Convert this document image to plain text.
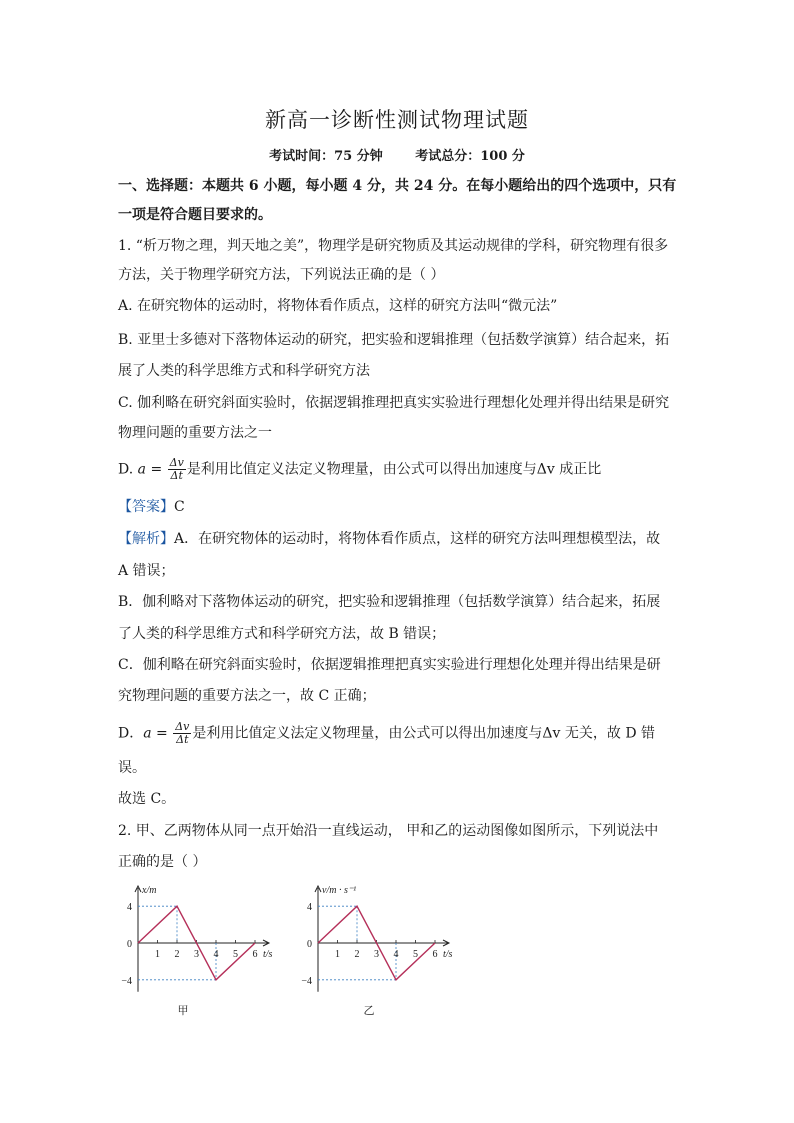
新高一诊断性测试物理试题
考试时间：75 分钟	考试总分：100 分
一、选择题：本题共 6 小题，每小题 4 分，共 24 分。在每小题给出的四个选项中，只有
一项是符合题目要求的。
1. “析万物之理，判天地之美”，物理学是研究物质及其运动规律的学科，研究物理有很多
方法，关于物理学研究方法，下列说法正确的是（ ）
A. 在研究物体的运动时，将物体看作质点，这样的研究方法叫“微元法”
B. 亚里士多德对下落物体运动的研究，把实验和逻辑推理（包括数学演算）结合起来，拓
展了人类的科学思维方式和科学研究方法
C. 伽利略在研究斜面实验时，依据逻辑推理把真实实验进行理想化处理并得出结果是研究
物理问题的重要方法之一
D. $a = \frac{\Delta v}{\Delta t}$ 是利用比值定义法定义物理量，由公式可以得出加速度与Δv 成正比
【答案】C
【解析】A．在研究物体的运动时，将物体看作质点，这样的研究方法叫理想模型法，故
A 错误；
B．伽利略对下落物体运动的研究，把实验和逻辑推理（包括数学演算）结合起来，拓展
了人类的科学思维方式和科学研究方法，故 B 错误；
C．伽利略在研究斜面实验时，依据逻辑推理把真实实验进行理想化处理并得出结果是研
究物理问题的重要方法之一，故 C 正确；
D．$a = \frac{\Delta v}{\Delta t}$ 是利用比值定义法定义物理量，由公式可以得出加速度与Δv 无关，故 D 错
误。
故选 C。
2. 甲、乙两物体从同一点开始沿一直线运动， 甲和乙的运动图像如图所示，下列说法中
正确的是（ ）
x/m
t/s
4
0
−4
1 2 3 4 5 6
甲
v/m · s⁻¹
t/s
4
0
−4
1 2 3 4 5 6
乙
